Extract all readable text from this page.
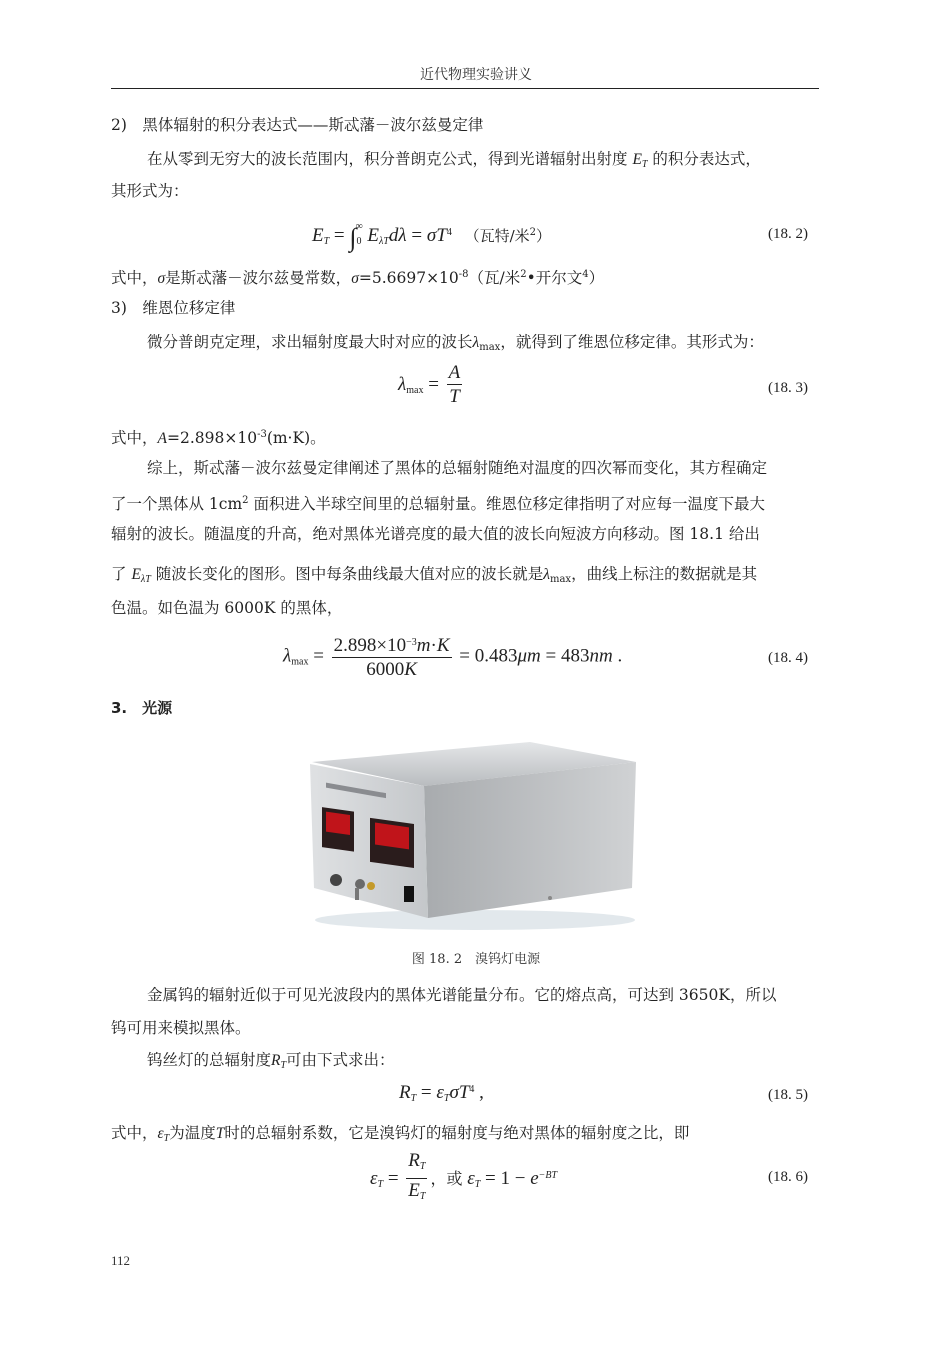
近代物理实验讲义
2)　黑体辐射的积分表达式——斯忒藩－波尔兹曼定律
在从零到无穷大的波长范围内，积分普朗克公式，得到光谱辐射出射度 $E_T$ 的积分表达式，
其形式为：
$E_T = \int_0^\infty$ $E_{\lambda T}d\lambda = \sigma T^4$ （瓦特/米$^2$）	(18. 2)
式中，σ是斯忒藩－波尔兹曼常数，$\sigma=5.6697\times 10^{-8}$（瓦/米$^2$•开尔文$^4$）
3)　维恩位移定律
微分普朗克定理，求出辐射度最大时对应的波长$\lambda_{max}$，就得到了维恩位移定律。其形式为：
$\lambda_{max} = \frac{A}{T}$	(18. 3)
式中，$A=2.898\times 10^{-3}(m\cdot K)$。
综上，斯忒藩－波尔兹曼定律阐述了黑体的总辐射随绝对温度的四次幂而变化，其方程确定
了一个黑体从 $1cm^2$ 面积进入半球空间里的总辐射量。维恩位移定律指明了对应每一温度下最大
辐射的波长。随温度的升高，绝对黑体光谱亮度的最大值的波长向短波方向移动。图 18.1 给出
了 $E_{\lambda T}$ 随波长变化的图形。图中每条曲线最大值对应的波长就是$\lambda_{max}$，曲线上标注的数据就是其
色温。如色温为 6000K 的黑体，
$\lambda_{max} = \frac{2.898\times 10^{-3}m\cdot K}{6000K} = 0.483\mu m = 483nm$ .	(18. 4)
3.　光源
图 18. 2　溴钨灯电源
金属钨的辐射近似于可见光波段内的黑体光谱能量分布。它的熔点高，可达到 3650K，所以
钨可用来模拟黑体。
钨丝灯的总辐射度$R_T$可由下式求出：
$R_T = \varepsilon_T\sigma T^4$ ,	(18. 5)
式中，$\varepsilon_T$为温度T时的总辐射系数，它是溴钨灯的辐射度与绝对黑体的辐射度之比，即
$\varepsilon_T = \frac{R_T}{E_T}$ ，或 $\varepsilon_T = 1 - e^{-BT}$	(18. 6)
112
